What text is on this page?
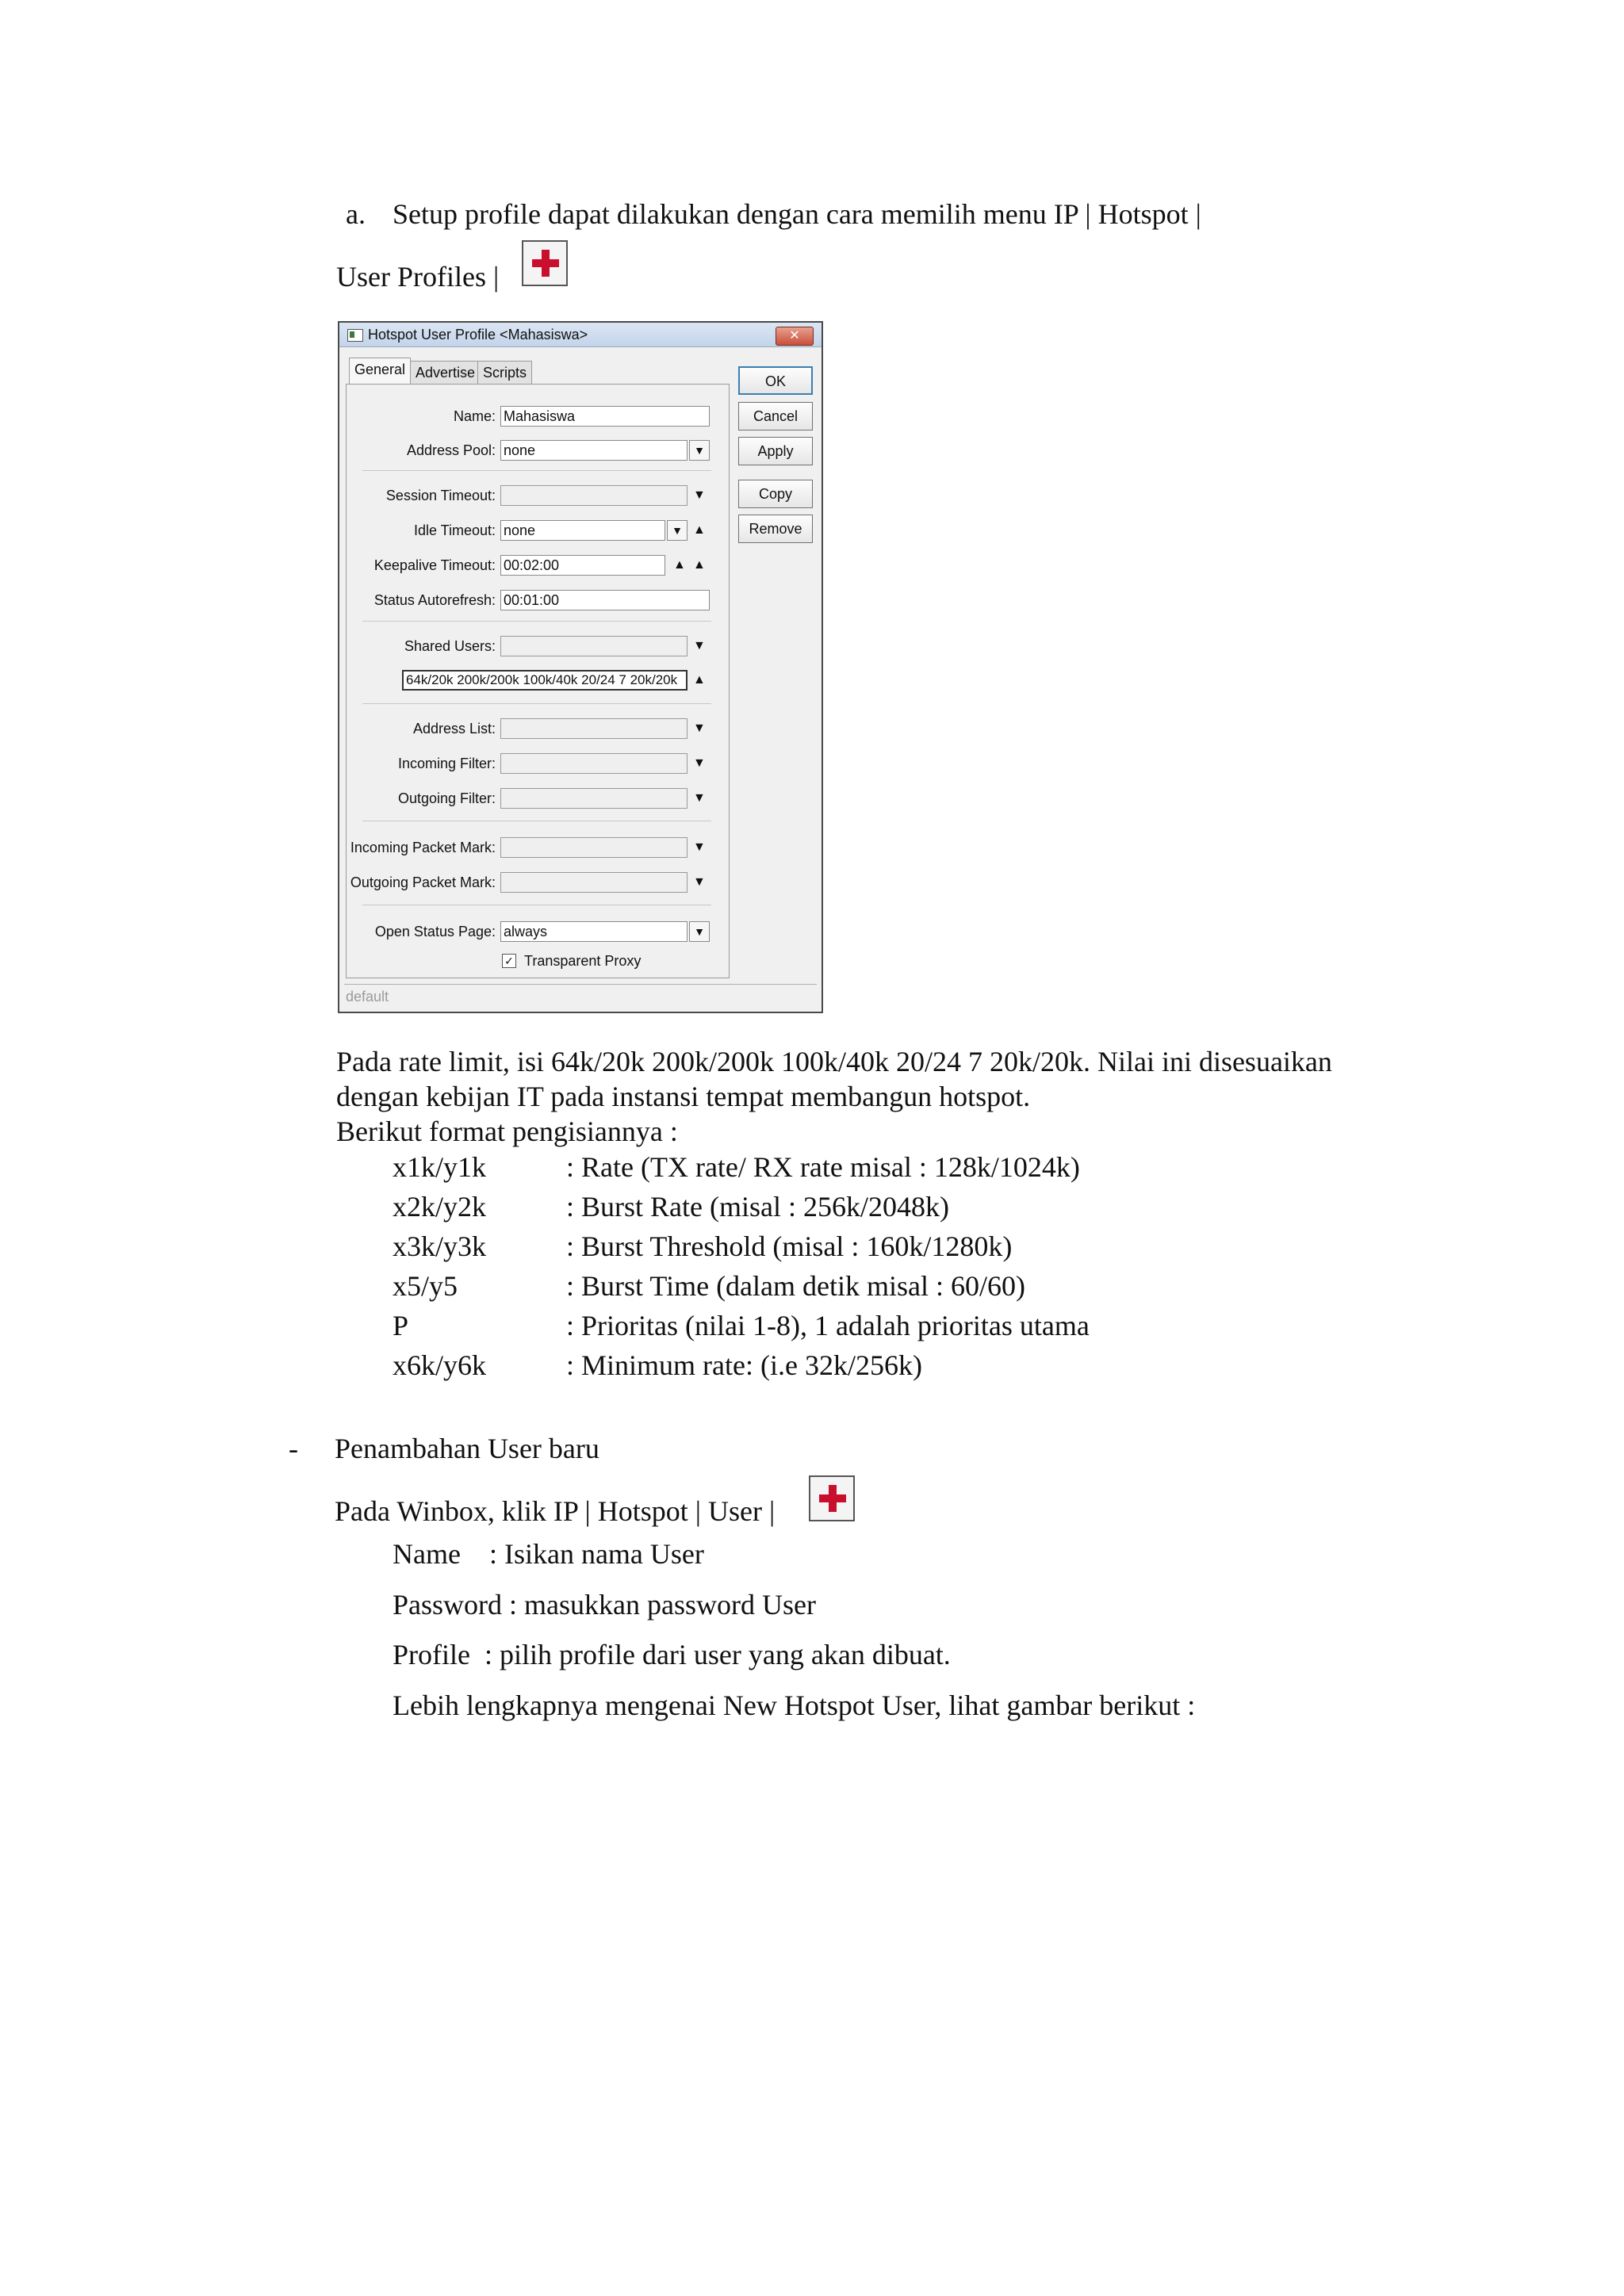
a. Setup profile dapat dilakukan dengan cara memilih menu IP | Hotspot |
User Profiles |
Hotspot User Profile <Mahasiswa>	✕
General Advertise Scripts
Name: Mahasiswa
Address Pool: none	▼
Session Timeout:	▼
Idle Timeout: none	▼ ▲
Keepalive Timeout: 00:02:00	▲ ▲
Status Autorefresh: 00:01:00
Shared Users:	▼
64k/20k 200k/200k 100k/40k 20/24 7 20k/20k	▲
Address List:	▼
Incoming Filter:	▼
Outgoing Filter:	▼
Incoming Packet Mark:	▼
Outgoing Packet Mark:	▼
Open Status Page: always	▼
✓ Transparent Proxy
OK
Cancel
Apply
Copy
Remove
default
Pada rate limit, isi 64k/20k 200k/200k 100k/40k 20/24 7 20k/20k. Nilai ini disesuaikan
dengan kebijan IT pada instansi tempat membangun hotspot.
Berikut format pengisiannya :
x1k/y1k	: Rate (TX rate/ RX rate misal : 128k/1024k)
x2k/y2k	: Burst Rate (misal : 256k/2048k)
x3k/y3k	: Burst Threshold (misal : 160k/1280k)
x5/y5	: Burst Time (dalam detik misal : 60/60)
P	: Prioritas (nilai 1-8), 1 adalah prioritas utama
x6k/y6k	: Minimum rate: (i.e 32k/256k)
- Penambahan User baru
Pada Winbox, klik IP | Hotspot | User |
Name    : Isikan nama User
Password : masukkan password User
Profile  : pilih profile dari user yang akan dibuat.
Lebih lengkapnya mengenai New Hotspot User, lihat gambar berikut :
